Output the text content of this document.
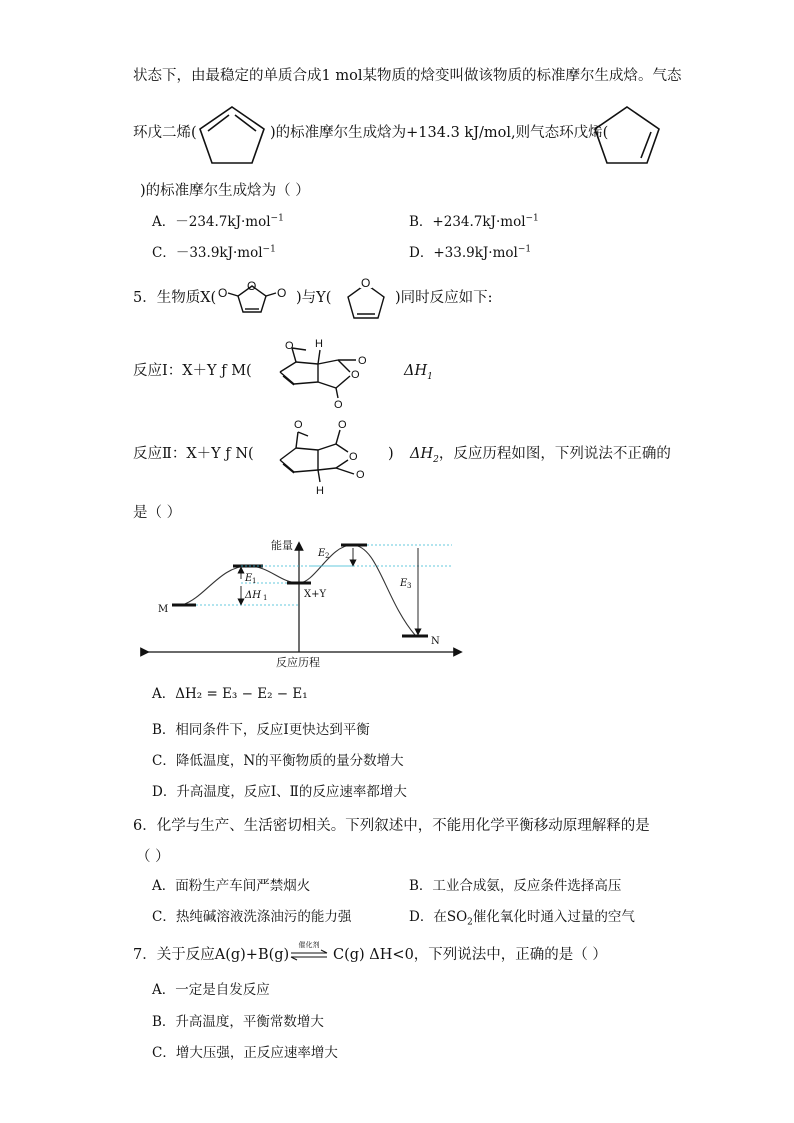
状态下，由最稳定的单质合成1 mol某物质的焓变叫做该物质的标准摩尔生成焓。气态
环戊二烯(	)的标准摩尔生成焓为+134.3 kJ/mol,则气态环戊烯(
)的标准摩尔生成焓为（ ）
A．－234.7kJ·mol$^{-1}$	B．+234.7kJ·mol$^{-1}$
C．－33.9kJ·mol$^{-1}$	D．+33.9kJ·mol$^{-1}$
5．生物质X(
O
O	O )与Y(
O
)同时反应如下:
反应Ⅰ：X＋Y ƒ M(
O H
O
O
O
$\Delta H_1$
反应Ⅱ：X＋Y ƒ N(
O
H
O
O
O
) $\Delta H_2$，反应历程如图，下列说法不正确的
是（ ）
能量
反应历程
M
X+Y
N
E 1
ΔH 1
E 2
E 3
A．ΔH₂ = E₃ − E₂ − E₁
B．相同条件下，反应Ⅰ更快达到平衡
C．降低温度，N的平衡物质的量分数增大
D．升高温度，反应Ⅰ、Ⅱ的反应速率都增大
6．化学与生产、生活密切相关。下列叙述中，不能用化学平衡移动原理解释的是
（ ）
A．面粉生产车间严禁烟火	B．工业合成氨，反应条件选择高压
C．热纯碱溶液洗涤油污的能力强	D．在$SO_2$催化氧化时通入过量的空气
7．关于反应A(g)+B(g)
催化剂
C(g) ΔH<0，下列说法中，正确的是（ ）
A．一定是自发反应
B．升高温度，平衡常数增大
C．增大压强，正反应速率增大
